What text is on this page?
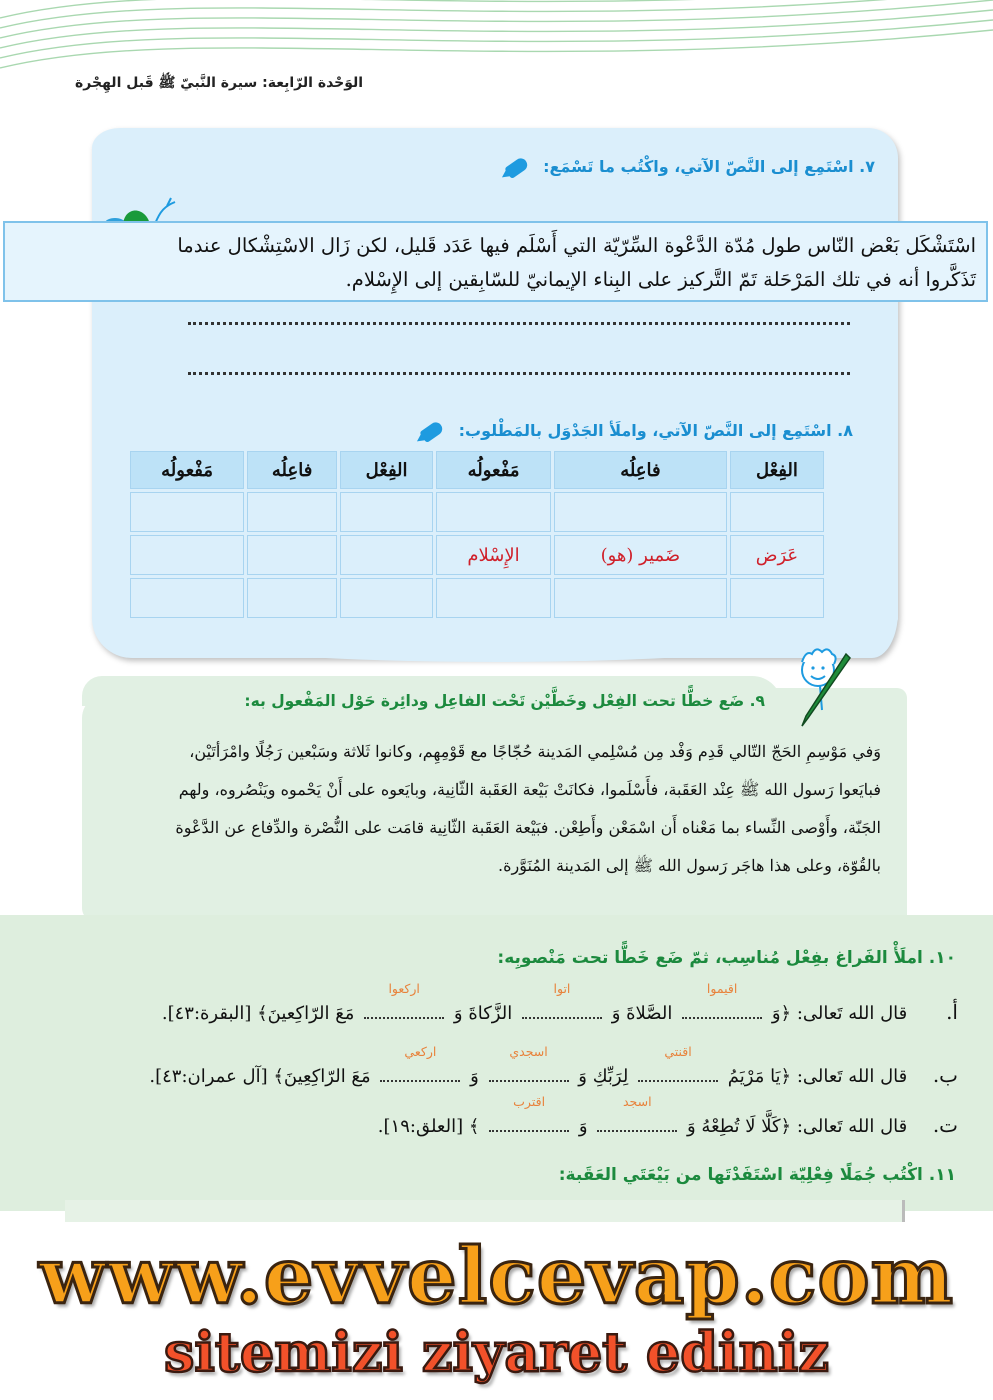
الوَحْدة الرّابِعة: سيرة النَّبيّ ﷺ قَبل الهِجْرة
٧. اسْتَمِع إلى النَّصّ الآتي، واكْتُب ما تَسْمَع:

اسْتَشْكَل بَعْض النّاس طول مُدّة الدَّعْوة السِّرّيّة التي أَسْلَم فيها عَدَد قَليل، لكن زَال الاسْتِشْكال عندما

تَذَكَّروا أنه في تلك المَرْحَلة تَمّ التَّركيز على البِناء الإيمانيّ للسّابِقين إلى الإِسْلام.

٨. اسْتَمِع إلى النَّصّ الآتي، واملَأ الجَدْوَل بالمَطْلوب:
الفِعْل	فاعِلُه	مَفْعولُه	الفِعْل	فاعِلُه	مَفْعولُه

عَرَض	ضَمير (هو)	الإِسْلام			

٩. ضَع خطًّا تحت الفِعْل وخَطَّيْن تَحْت الفاعِل ودائِرة حَوْل المَفْعول به:

وَفي مَوْسِمِ الحَجّ التّالي قَدِم وَفْد مِن مُسْلِمي المَدينة حُجّاجًا مع قَوْمِهِم، وكانوا ثَلاثة وسَبْعين رَجُلًا وامْرَأتَيْن،

فبايَعوا رَسول الله ﷺ عِنْد العَقَبة، فأَسْلَموا، فكانَتْ بَيْعة العَقَبة الثّانِية، وبايَعوه على أَنْ يَحْموه ويَنْصُروه، ولهم

الجَنّة، وأَوْصى النِّساء بما مَعْناه أَن اسْمَعْن وأَطِعْن. فبَيْعة العَقَبة الثّانِية قامَت على النُّصْرة والدِّفاع عن الدَّعْوة

بالقُوّة، وعلى هذا هاجَر رَسول الله ﷺ إلى المَدينة المُنَوَّرة.

١٠. املَأْ الفَراغ بفِعْل مُناسِب، ثمّ ضَع خَطًّا تحت مَنْصوبِه:
أ. قال الله تَعالى: ﴿وَ
اقيموا
الصَّلاةَ وَ
اتوا
الزَّكاةَ وَ
اركعوا
مَعَ الرّاكِعينَ﴾ [البقرة:٤٣].
ب. قال الله تَعالى: ﴿يَا مَرْيَمُ
اقنتي
لِرَبِّكِ وَ
اسجدي
وَ
اركعي
مَعَ الرّاكِعِينَ﴾ [آل عمران:٤٣].
ت. قال الله تَعالى: ﴿كَلَّا لَا تُطِعْهُ وَ
اسجد
وَ
اقترب
﴾ [العلق:١٩].
١١. اكْتُب جُمَلًا فِعْلِيّة اسْتَفَدْتَها من بَيْعَتَي العَقَبة:
www.evvelcevap.com
sitemizi ziyaret ediniz
